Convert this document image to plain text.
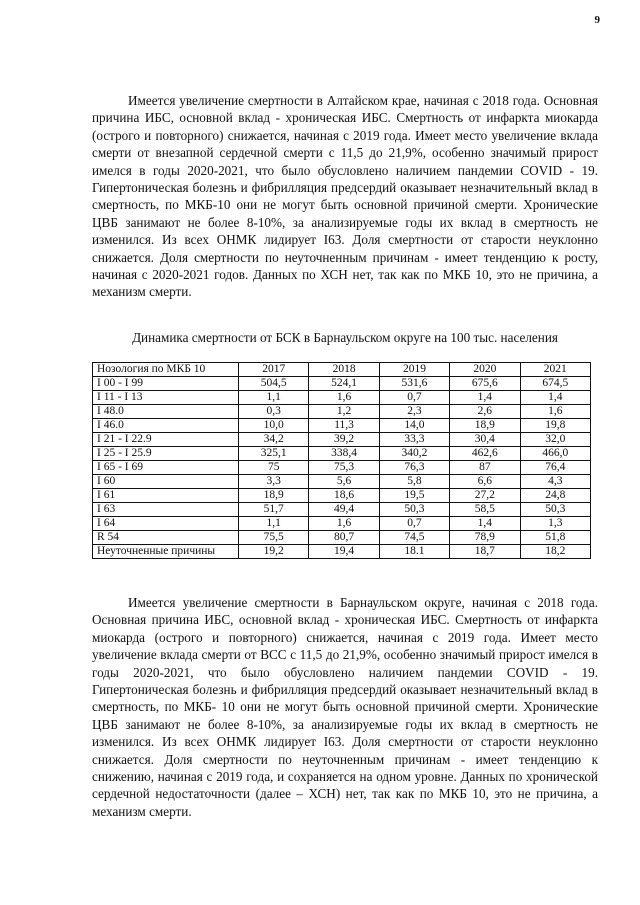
9

Имеется увеличение смертности в Алтайском крае, начиная с 2018 года. Основная причина ИБС, основной вклад - хроническая ИБС. Смертность от инфаркта миокарда (острого и повторного) снижается, начиная с 2019 года. Имеет место увеличение вклада смерти от внезапной сердечной смерти с 11,5 до 21,9%, особенно значимый прирост имелся в годы 2020-2021, что было обусловлено наличием пандемии COVID - 19. Гипертоническая болезнь и фибрилляция предсердий оказывает незначительный вклад в смертность, по МКБ-10 они не могут быть основной причиной смерти. Хронические ЦВБ занимают не более 8-10%, за анализируемые годы их вклад в смертность не изменился. Из всех ОНМК лидирует I63. Доля смертности от старости неуклонно снижается. Доля смертности по неуточненным причинам - имеет тенденцию к росту, начиная с 2020-2021 годов. Данных по ХСН нет, так как по МКБ 10, это не причина, а механизм смерти.

Динамика смертности от БСК в Барнаульском округе на 100 тыс. населения

Нозология по МКБ 10	2017	2018	2019	2020	2021
I 00 - I 99	504,5	524,1	531,6	675,6	674,5
I 11 - I 13	1,1	1,6	0,7	1,4	1,4
I 48.0	0,3	1,2	2,3	2,6	1,6
I 46.0	10,0	11,3	14,0	18,9	19,8
I 21 - I 22.9	34,2	39,2	33,3	30,4	32,0
I 25 - I 25.9	325,1	338,4	340,2	462,6	466,0
I 65 - I 69	75	75,3	76,3	87	76,4
I 60	3,3	5,6	5,8	6,6	4,3
I 61	18,9	18,6	19,5	27,2	24,8
I 63	51,7	49,4	50,3	58,5	50,3
I 64	1,1	1,6	0,7	1,4	1,3
R 54	75,5	80,7	74,5	78,9	51,8
Неуточненные причины	19,2	19,4	18.1	18,7	18,2

Имеется увеличение смертности в Барнаульском округе, начиная с 2018 года. Основная причина ИБС, основной вклад - хроническая ИБС. Смертность от инфаркта миокарда (острого и повторного) снижается, начиная с 2019 года. Имеет место увеличение вклада смерти от ВСС с 11,5 до 21,9%, особенно значимый прирост имелся в годы 2020-2021, что было обусловлено наличием пандемии COVID - 19. Гипертоническая болезнь и фибрилляция предсердий оказывает незначительный вклад в смертность, по МКБ- 10 они не могут быть основной причиной смерти. Хронические ЦВБ занимают не более 8-10%, за анализируемые годы их вклад в смертность не изменился. Из всех ОНМК лидирует I63. Доля смертности от старости неуклонно снижается. Доля смертности по неуточненным причинам - имеет тенденцию к снижению, начиная с 2019 года, и сохраняется на одном уровне. Данных по хронической сердечной недостаточности (далее – ХСН) нет, так как по МКБ 10, это не причина, а механизм смерти.
